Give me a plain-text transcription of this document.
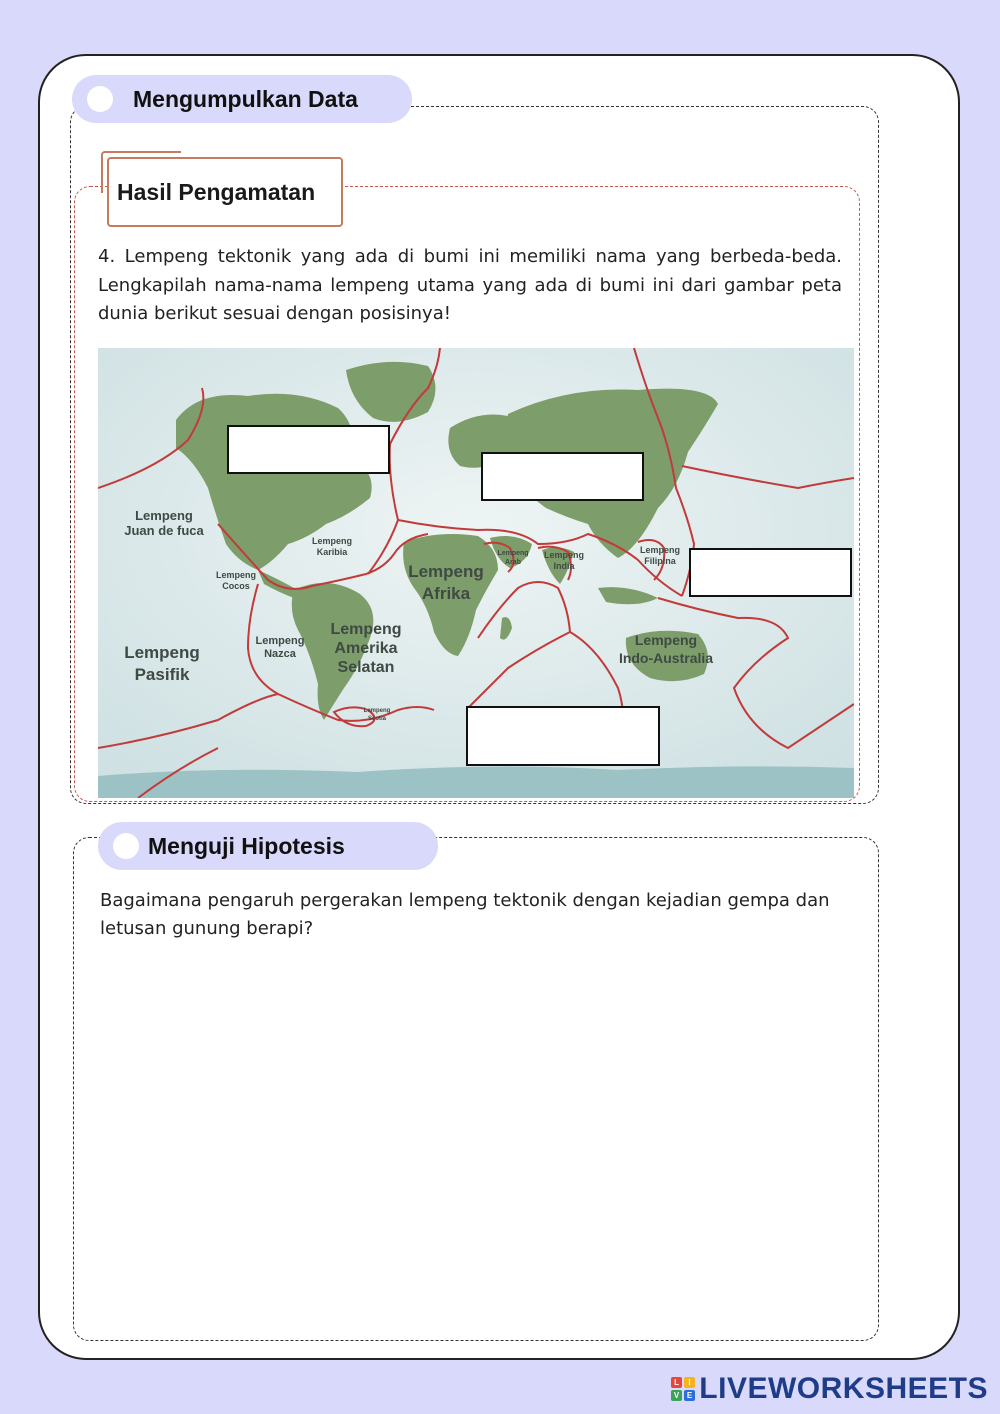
Mengumpulkan Data
Hasil Pengamatan
4. Lempeng tektonik yang ada di bumi ini memiliki nama yang berbeda-beda. Lengkapilah nama-nama lempeng utama yang ada di bumi ini dari gambar peta dunia berikut sesuai dengan posisinya!
Lempeng
Juan de fuca
Lempeng
Karibia
Lempeng
Cocos
Lempeng
Pasifik
Lempeng
Nazca
Lempeng
Amerika
Selatan
Lempeng
Afrika
Lempeng
Arab
Lempeng
India
Lempeng
Filipina
Lempeng
Indo-Australia
Lempeng
Scotia
Menguji Hipotesis
Bagaimana pengaruh pergerakan lempeng tektonik dengan kejadian gempa dan letusan gunung berapi?
L	I
V E LIVEWORKSHEETS
